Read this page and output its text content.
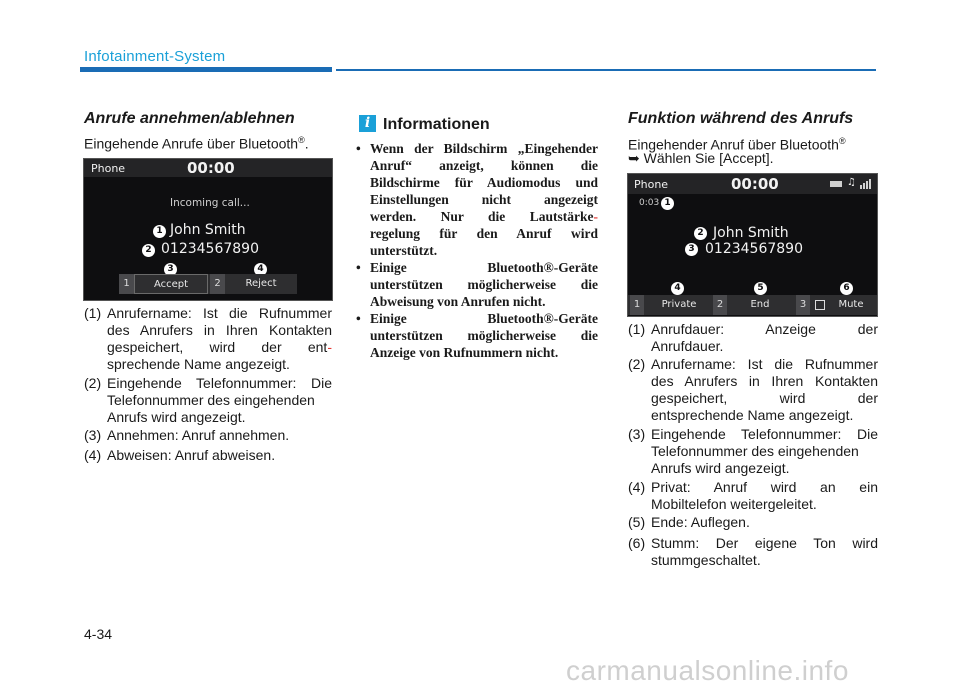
Infotainment-System
Anrufe annehmen/ablehnen
Eingehende Anrufe über Bluetooth®.
Phone	00:00
Incoming call...
1 John Smith
2 01234567890
3	4
1	Accept	2	Reject
(1) Anrufername: Ist die Rufnummer
des Anrufers in Ihren Kontakten
gespeichert, wird der ent-
sprechende Name angezeigt.
(2) Eingehende Telefonnummer: Die
Telefonnummer des eingehenden
Anrufs wird angezeigt.
(3) Annehmen: Anruf annehmen.
(4) Abweisen: Anruf abweisen.
i Informationen
• Wenn der Bildschirm „Eingehender
Anruf“ anzeigt, können die
Bildschirme für Audiomodus und
Einstellungen nicht angezeigt
werden. Nur die Lautstärke-
regelung für den Anruf wird
unterstützt.
• Einige Bluetooth®-Geräte
unterstützen möglicherweise die
Abweisung von Anrufen nicht.
• Einige Bluetooth®-Geräte
unterstützen möglicherweise die
Anzeige von Rufnummern nicht.
Funktion während des Anrufs
Eingehender Anruf über Bluetooth®
➥ Wählen Sie [Accept].
Phone	00:00	♫
0:03 1
2 John Smith
3 01234567890
4	5	6
1	Private	2	End	3	Mute
(1) Anrufdauer: Anzeige der
Anrufdauer.
(2) Anrufername: Ist die Rufnummer
des Anrufers in Ihren Kontakten
gespeichert, wird der
entsprechende Name angezeigt.
(3) Eingehende Telefonnummer: Die
Telefonnummer des eingehenden
Anrufs wird angezeigt.
(4) Privat: Anruf wird an ein
Mobiltelefon weitergeleitet.
(5) Ende: Auflegen.
(6) Stumm: Der eigene Ton wird
stummgeschaltet.
4-34
carmanualsonline.info
